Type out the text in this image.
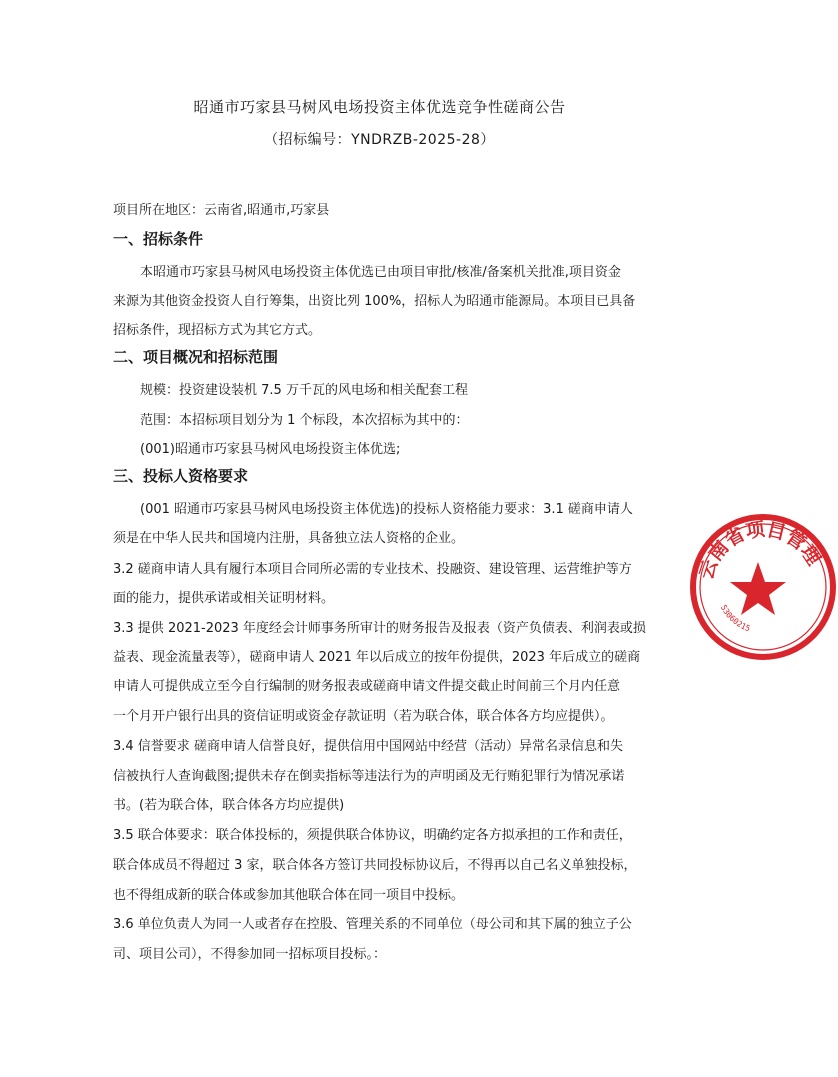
昭通市巧家县马树风电场投资主体优选竞争性磋商公告
（招标编号：YNDRZB-2025-28）
项目所在地区：云南省,昭通市,巧家县
一、招标条件
本昭通市巧家县马树风电场投资主体优选已由项目审批/核准/备案机关批准,项目资金
来源为其他资金投资人自行筹集，出资比列 100%，招标人为昭通市能源局。本项目已具备
招标条件，现招标方式为其它方式。
二、项目概况和招标范围
规模：投资建设装机 7.5 万千瓦的风电场和相关配套工程
范围：本招标项目划分为 1 个标段，本次招标为其中的：
(001)昭通市巧家县马树风电场投资主体优选;
三、投标人资格要求
(001 昭通市巧家县马树风电场投资主体优选)的投标人资格能力要求：3.1 磋商申请人
须是在中华人民共和国境内注册，具备独立法人资格的企业。
3.2 磋商申请人具有履行本项目合同所必需的专业技术、投融资、建设管理、运营维护等方
面的能力，提供承诺或相关证明材料。
3.3 提供 2021-2023 年度经会计师事务所审计的财务报告及报表（资产负债表、利润表或损
益表、现金流量表等），磋商申请人 2021 年以后成立的按年份提供，2023 年后成立的磋商
申请人可提供成立至今自行编制的财务报表或磋商申请文件提交截止时间前三个月内任意
一个月开户银行出具的资信证明或资金存款证明（若为联合体，联合体各方均应提供）。
3.4 信誉要求 磋商申请人信誉良好，提供信用中国网站中经营（活动）异常名录信息和失
信被执行人查询截图;提供未存在倒卖指标等违法行为的声明函及无行贿犯罪行为情况承诺
书。(若为联合体，联合体各方均应提供)
3.5 联合体要求：联合体投标的，须提供联合体协议，明确约定各方拟承担的工作和责任，
联合体成员不得超过 3 家，联合体各方签订共同投标协议后，不得再以自己名义单独投标，
也不得组成新的联合体或参加其他联合体在同一项目中投标。
3.6 单位负责人为同一人或者存在控股、管理关系的不同单位（母公司和其下属的独立子公
司、项目公司），不得参加同一招标项目投标。：
云南省项目管理
53060215
